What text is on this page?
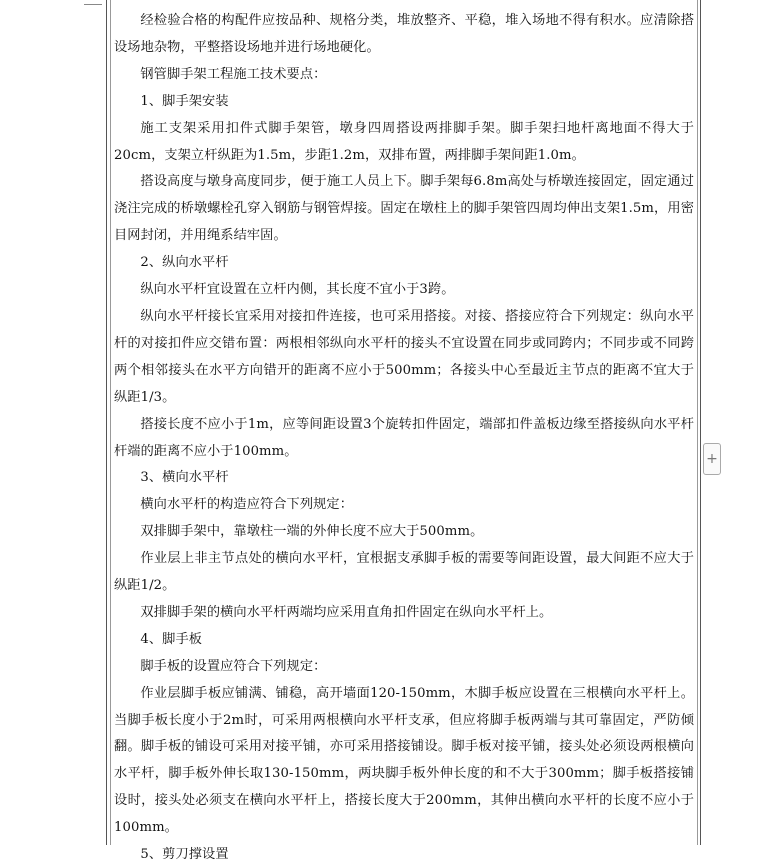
经检验合格的构配件应按品种、规格分类，堆放整齐、平稳，堆入场地不得有积水。应清除搭设场地杂物，平整搭设场地并进行场地硬化。

钢管脚手架工程施工技术要点：

1、脚手架安装

施工支架采用扣件式脚手架管，墩身四周搭设两排脚手架。脚手架扫地杆离地面不得大于20cm，支架立杆纵距为1.5m，步距1.2m，双排布置，两排脚手架间距1.0m。

搭设高度与墩身高度同步，便于施工人员上下。脚手架每6.8m高处与桥墩连接固定，固定通过浇注完成的桥墩螺栓孔穿入钢筋与钢管焊接。固定在墩柱上的脚手架管四周均伸出支架1.5m，用密目网封闭，并用绳系结牢固。

2、纵向水平杆

纵向水平杆宜设置在立杆内侧，其长度不宜小于3跨。

纵向水平杆接长宜采用对接扣件连接，也可采用搭接。对接、搭接应符合下列规定：纵向水平杆的对接扣件应交错布置：两根相邻纵向水平杆的接头不宜设置在同步或同跨内；不同步或不同跨两个相邻接头在水平方向错开的距离不应小于500mm；各接头中心至最近主节点的距离不宜大于纵距1/3。

搭接长度不应小于1m，应等间距设置3个旋转扣件固定，端部扣件盖板边缘至搭接纵向水平杆杆端的距离不应小于100mm。

3、横向水平杆

横向水平杆的构造应符合下列规定：

双排脚手架中，靠墩柱一端的外伸长度不应大于500mm。

作业层上非主节点处的横向水平杆，宜根据支承脚手板的需要等间距设置，最大间距不应大于纵距1/2。

双排脚手架的横向水平杆两端均应采用直角扣件固定在纵向水平杆上。

4、脚手板

脚手板的设置应符合下列规定：

作业层脚手板应铺满、铺稳，高开墙面120-150mm，木脚手板应设置在三根横向水平杆上。当脚手板长度小于2m时，可采用两根横向水平杆支承，但应将脚手板两端与其可靠固定，严防倾翻。脚手板的铺设可采用对接平铺，亦可采用搭接铺设。脚手板对接平铺，接头处必须设两根横向水平杆，脚手板外伸长取130-150mm，两块脚手板外伸长度的和不大于300mm；脚手板搭接铺设时，接头处必须支在横向水平杆上，搭接长度大于200mm，其伸出横向水平杆的长度不应小于100mm。

5、剪刀撑设置

+
